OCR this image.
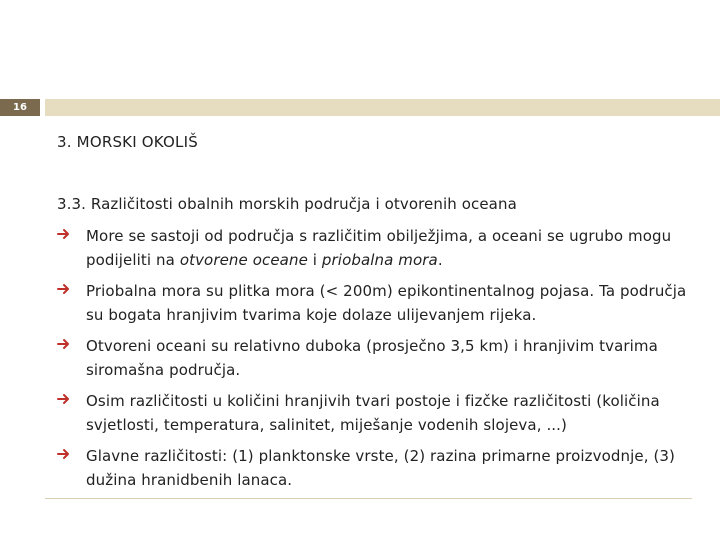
16
3. MORSKI OKOLIŠ
3.3. Različitosti obalnih morskih područja i otvorenih oceana
More se sastoji od područja s različitim obilježjima, a oceani se ugrubo mogu podijeliti na otvorene oceane i priobalna mora.
Priobalna mora su plitka mora (< 200m) epikontinentalnog pojasa. Ta područja su bogata hranjivim tvarima koje dolaze ulijevanjem rijeka.
Otvoreni oceani su relativno duboka (prosječno 3,5 km) i hranjivim tvarima siromašna područja.
Osim različitosti u količini hranjivih tvari postoje i fizčke različitosti (količina svjetlosti, temperatura, salinitet, miješanje vodenih slojeva, ...)
Glavne različitosti: (1) planktonske vrste, (2) razina primarne proizvodnje, (3) dužina hranidbenih lanaca.
